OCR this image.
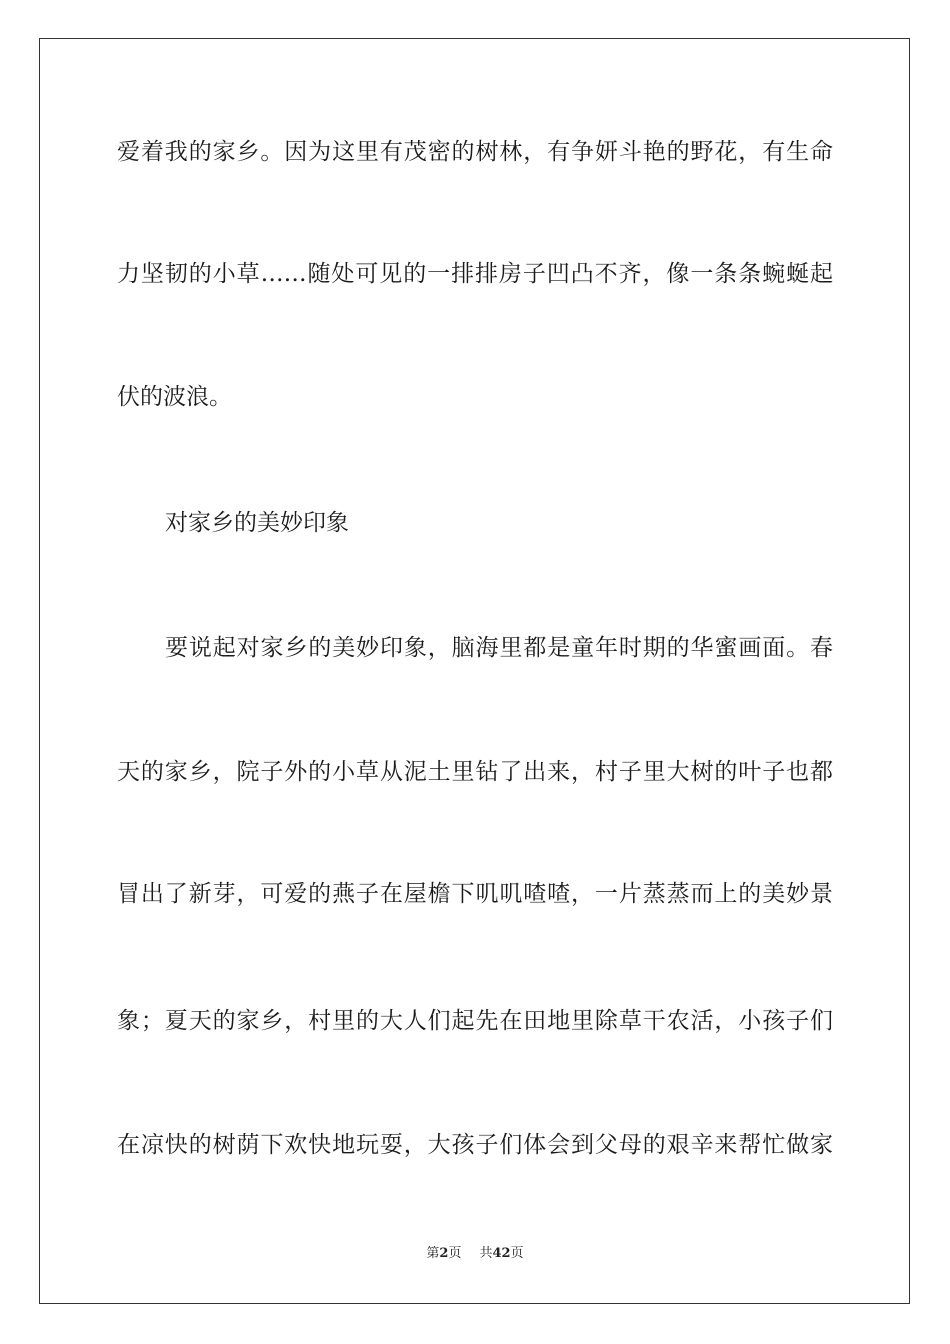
爱着我的家乡。因为这里有茂密的树林，有争妍斗艳的野花，有生命
力坚韧的小草……随处可见的一排排房子凹凸不齐，像一条条蜿蜒起
伏的波浪。
对家乡的美妙印象
要说起对家乡的美妙印象，脑海里都是童年时期的华蜜画面。春
天的家乡，院子外的小草从泥土里钻了出来，村子里大树的叶子也都
冒出了新芽，可爱的燕子在屋檐下叽叽喳喳，一片蒸蒸而上的美妙景
象；夏天的家乡，村里的大人们起先在田地里除草干农活，小孩子们
在凉快的树荫下欢快地玩耍，大孩子们体会到父母的艰辛来帮忙做家
第2页 共42页
